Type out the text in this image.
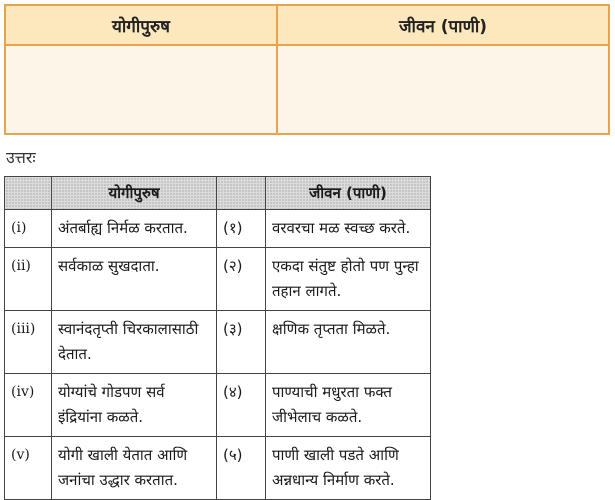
योगीपुरुष	जीवन (पाणी)
उत्तरः
	योगीपुरुष		जीवन (पाणी)
(i)	अंतर्बाह्य निर्मळ करतात.	(१)	वरवरचा मळ स्वच्छ करते.
(ii)	सर्वकाळ सुखदाता.	(२)	एकदा संतुष्ट होतो पण पुन्हा तहान लागते.
(iii)	स्वानंदतृप्ती चिरकालासाठी देतात.	(३)	क्षणिक तृप्तता मिळते.
(iv)	योग्यांचे गोडपण सर्व इंद्रियांना कळते.	(४)	पाण्याची मधुरता फक्त जीभेलाच कळते.
(v)	योगी खाली येतात आणि जनांचा उद्धार करतात.	(५)	पाणी खाली पडते आणि अन्नधान्य निर्माण करते.
